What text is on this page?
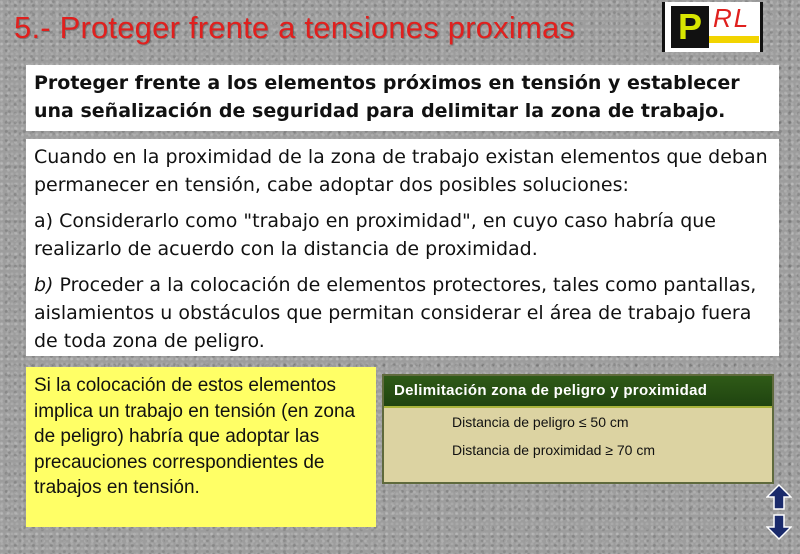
5.- Proteger frente a tensiones proximas	P RL

Proteger frente a los elementos próximos en tensión y establecer una señalización de seguridad para delimitar la zona de trabajo.

Cuando en la proximidad de la zona de trabajo existan elementos que deban permanecer en tensión, cabe adoptar dos posibles soluciones:

a) Considerarlo como "trabajo en proximidad", en cuyo caso habría que realizarlo de acuerdo con la distancia de proximidad.

b) Proceder a la colocación de elementos protectores, tales como pantallas, aislamientos u obstáculos que permitan considerar el área de trabajo fuera de toda zona de peligro.

Si la colocación de estos elementos implica un trabajo en tensión (en zona de peligro) habría que adoptar las precauciones correspondientes de trabajos en tensión.

Delimitación zona de peligro y proximidad
Distancia de peligro ≤ 50 cm
Distancia de proximidad ≥ 70 cm
